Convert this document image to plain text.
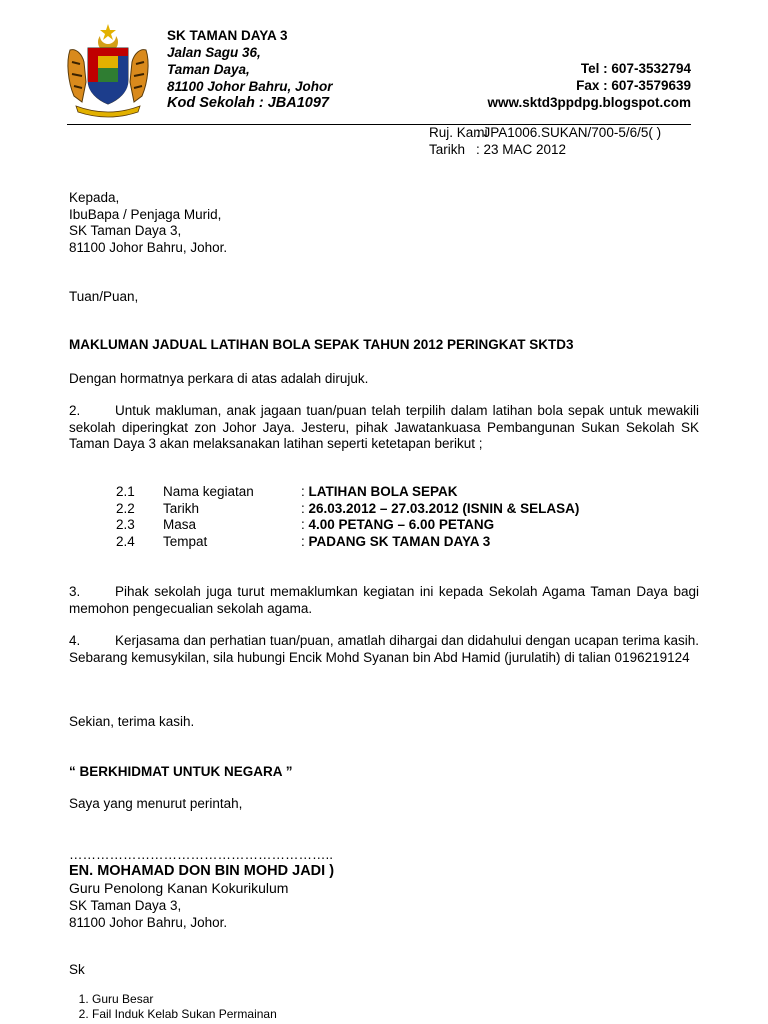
SK TAMAN DAYA 3
Jalan Sagu 36,
Taman Daya,
81100 Johor Bahru, Johor
Kod Sekolah : JBA1097
Tel : 607-3532794
Fax : 607-3579639
www.sktd3ppdpg.blogspot.com
Ruj. Kami: JPA1006.SUKAN/700-5/6/5( )
Tarikh : 23 MAC 2012
Kepada,
IbuBapa / Penjaga Murid,
SK Taman Daya 3,
81100 Johor Bahru, Johor.
Tuan/Puan,
MAKLUMAN JADUAL LATIHAN BOLA SEPAK TAHUN 2012 PERINGKAT SKTD3
Dengan hormatnya perkara di atas adalah dirujuk.
2.	Untuk makluman, anak jagaan tuan/puan telah terpilih dalam latihan bola sepak untuk mewakili sekolah diperingkat zon Johor Jaya. Jesteru, pihak Jawatankuasa Pembangunan Sukan Sekolah SK Taman Daya 3 akan melaksanakan latihan seperti ketetapan berikut ;
2.1 Nama kegiatan	: LATIHAN BOLA SEPAK
2.2 Tarikh	: 26.03.2012 – 27.03.2012 (ISNIN & SELASA)
2.3 Masa	: 4.00 PETANG – 6.00 PETANG
2.4 Tempat	: PADANG SK TAMAN DAYA 3
3.	Pihak sekolah juga turut memaklumkan kegiatan ini kepada Sekolah Agama Taman Daya bagi memohon pengecualian sekolah agama.
4.	Kerjasama dan perhatian tuan/puan, amatlah dihargai dan didahului dengan ucapan terima kasih. Sebarang kemusykilan, sila hubungi Encik Mohd Syanan bin Abd Hamid (jurulatih) di talian 0196219124
Sekian, terima kasih.
“ BERKHIDMAT UNTUK NEGARA ”
Saya yang menurut perintah,
…………………………………………………..
EN. MOHAMAD DON BIN MOHD JADI )
Guru Penolong Kanan Kokurikulum
SK Taman Daya 3,
81100 Johor Bahru, Johor.
Sk
1. Guru Besar
2. Fail Induk Kelab Sukan Permainan
